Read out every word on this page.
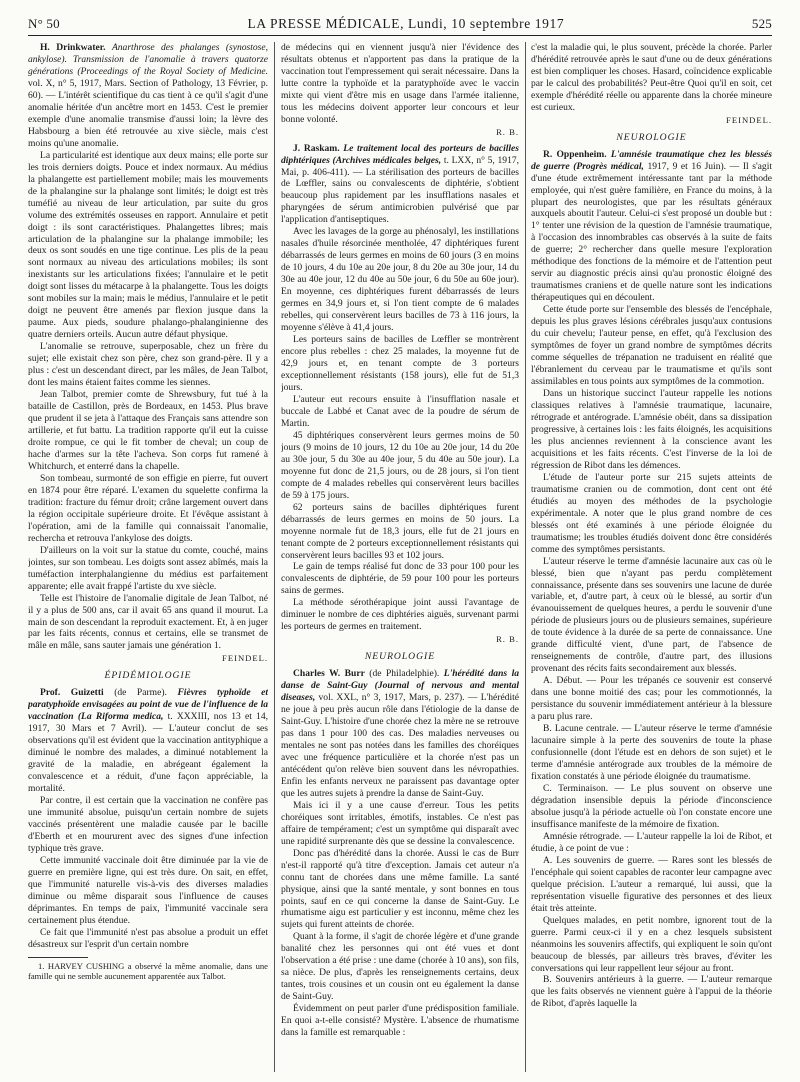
N° 50	LA PRESSE MÉDICALE, Lundi, 10 septembre 1917	525

H. Drinkwater. Anarthrose des phalanges (synostose, ankylose). Transmission de l'anomalie à travers quatorze générations (Proceedings of the Royal Society of Medicine. vol. X, n° 5, 1917, Mars. Section of Pathology, 13 Février, p. 60). — L'intérêt scientifique du cas tient à ce qu'il s'agit d'une anomalie héritée d'un ancêtre mort en 1453. C'est le premier exemple d'une anomalie transmise d'aussi loin; la lèvre des Habsbourg a bien été retrouvée au xive siècle, mais c'est moins qu'une anomalie.

La particularité est identique aux deux mains; elle porte sur les trois derniers doigts. Pouce et index normaux. Au médius la phalangette est partiellement mobile; mais les mouvements de la phalangine sur la phalange sont limités; le doigt est très tuméfié au niveau de leur articulation, par suite du gros volume des extrémités osseuses en rapport. Annulaire et petit doigt : ils sont caractéristiques. Phalangettes libres; mais articulation de la phalangine sur la phalange immobile; les deux os sont soudés en une tige continue. Les plis de la peau sont normaux au niveau des articulations mobiles; ils sont inexistants sur les articulations fixées; l'annulaire et le petit doigt sont lisses du métacarpe à la phalangette. Tous les doigts sont mobiles sur la main; mais le médius, l'annulaire et le petit doigt ne peuvent être amenés par flexion jusque dans la paume. Aux pieds, soudure phalango-phalanginienne des quatre derniers orteils. Aucun autre défaut physique.

L'anomalie se retrouve, superposable, chez un frère du sujet; elle existait chez son père, chez son grand-père. Il y a plus : c'est un descendant direct, par les mâles, de Jean Talbot, dont les mains étaient faites comme les siennes.

Jean Talbot, premier comte de Shrewsbury, fut tué à la bataille de Castillon, près de Bordeaux, en 1453. Plus brave que prudent il se jeta à l'attaque des Français sans attendre son artillerie, et fut battu. La tradition rapporte qu'il eut la cuisse droite rompue, ce qui le fit tomber de cheval; un coup de hache d'armes sur la tête l'acheva. Son corps fut ramené à Whitchurch, et enterré dans la chapelle.

Son tombeau, surmonté de son effigie en pierre, fut ouvert en 1874 pour être réparé. L'examen du squelette confirma la tradition: fracture du fémur droit; crâne largement ouvert dans la région occipitale supérieure droite. Et l'évêque assistant à l'opération, ami de la famille qui connaissait l'anomalie, rechercha et retrouva l'ankylose des doigts.

D'ailleurs on la voit sur la statue du comte, couché, mains jointes, sur son tombeau. Les doigts sont assez abîmés, mais la tuméfaction interphalangienne du médius est parfaitement apparente; elle avait frappé l'artiste du xve siècle.

Telle est l'histoire de l'anomalie digitale de Jean Talbot, né il y a plus de 500 ans, car il avait 65 ans quand il mourut. La main de son descendant la reproduit exactement. Et, à en juger par les faits récents, connus et certains, elle se transmet de mâle en mâle, sans sauter jamais une génération 1.

FEINDEL.

ÉPIDÉMIOLOGIE

Prof. Guizetti (de Parme). Fièvres typhoïde et paratyphoïde envisagées au point de vue de l'influence de la vaccination (La Riforma medica, t. XXXIII, nos 13 et 14, 1917, 30 Mars et 7 Avril). — L'auteur conclut de ses observations qu'il est évident que la vaccination antityphique a diminué le nombre des malades, a diminué notablement la gravité de la maladie, en abrégeant également la convalescence et a réduit, d'une façon appréciable, la mortalité.

Par contre, il est certain que la vaccination ne confère pas une immunité absolue, puisqu'un certain nombre de sujets vaccinés présentèrent une maladie causée par le bacille d'Eberth et en moururent avec des signes d'une infection typhique très grave.

Cette immunité vaccinale doit être diminuée par la vie de guerre en première ligne, qui est très dure. On sait, en effet, que l'immunité naturelle vis-à-vis des diverses maladies diminue ou même disparait sous l'influence de causes déprimantes. En temps de paix, l'immunité vaccinale sera certainement plus étendue.

Ce fait que l'immunité n'est pas absolue a produit un effet désastreux sur l'esprit d'un certain nombre

1. HARVEY CUSHING a observé la même anomalie, dans une famille qui ne semble aucunement apparentée aux Talbot.

de médecins qui en viennent jusqu'à nier l'évidence des résultats obtenus et n'apportent pas dans la pratique de la vaccination tout l'empressement qui serait nécessaire. Dans la lutte contre la typhoïde et la paratyphoïde avec le vaccin mixte qui vient d'être mis en usage dans l'armée italienne, tous les médecins doivent apporter leur concours et leur bonne volonté.

R. B.

J. Raskam. Le traitement local des porteurs de bacilles diphtériques (Archives médicales belges, t. LXX, n° 5, 1917, Mai, p. 406-411). — La stérilisation des porteurs de bacilles de Lœffler, sains ou convalescents de diphtérie, s'obtient beaucoup plus rapidement par les insufflations nasales et pharyngées de sérum antimicrobien pulvérisé que par l'application d'antiseptiques.

Avec les lavages de la gorge au phénosalyl, les instillations nasales d'huile résorcinée mentholée, 47 diphtériques furent débarrassés de leurs germes en moins de 60 jours (3 en moins de 10 jours, 4 du 10e au 20e jour, 8 du 20e au 30e jour, 14 du 30e au 40e jour, 12 du 40e au 50e jour, 6 du 50e au 60e jour). En moyenne, ces diphtériques furent débarrassés de leurs germes en 34,9 jours et, si l'on tient compte de 6 malades rebelles, qui conservèrent leurs bacilles de 73 à 116 jours, la moyenne s'élève à 41,4 jours.

Les porteurs sains de bacilles de Lœffler se montrèrent encore plus rebelles : chez 25 malades, la moyenne fut de 42,9 jours et, en tenant compte de 3 porteurs exceptionnellement résistants (158 jours), elle fut de 51,3 jours.

L'auteur eut recours ensuite à l'insufflation nasale et buccale de Labbé et Canat avec de la poudre de sérum de Martin.

45 diphtériques conservèrent leurs germes moins de 50 jours (9 moins de 10 jours, 12 du 10e au 20e jour, 14 du 20e au 30e jour, 5 du 30e au 40e jour, 5 du 40e au 50e jour). La moyenne fut donc de 21,5 jours, ou de 28 jours, si l'on tient compte de 4 malades rebelles qui conservèrent leurs bacilles de 59 à 175 jours.

62 porteurs sains de bacilles diphtériques furent débarrassés de leurs germes en moins de 50 jours. La moyenne normale fut de 18,3 jours, elle fut de 21 jours en tenant compte de 2 porteurs exceptionnellement résistants qui conservèrent leurs bacilles 93 et 102 jours.

Le gain de temps réalisé fut donc de 33 pour 100 pour les convalescents de diphtérie, de 59 pour 100 pour les porteurs sains de germes.

La méthode sérothérapique joint aussi l'avantage de diminuer le nombre de ces diphtéries aiguës, survenant parmi les porteurs de germes en traitement.

R. B.

NEUROLOGIE

Charles W. Burr (de Philadelphie). L'hérédité dans la danse de Saint-Guy (Journal of nervous and mental diseases, vol. XXL, n° 3, 1917, Mars, p. 237). — L'hérédité ne joue à peu près aucun rôle dans l'étiologie de la danse de Saint-Guy. L'histoire d'une chorée chez la mère ne se retrouve pas dans 1 pour 100 des cas. Des maladies nerveuses ou mentales ne sont pas notées dans les familles des choréiques avec une fréquence particulière et la chorée n'est pas un antécédent qu'on relève bien souvent dans les névropathies. Enfin les enfants nerveux ne paraissent pas davantage opter que les autres sujets à prendre la danse de Saint-Guy.

Mais ici il y a une cause d'erreur. Tous les petits choréiques sont irritables, émotifs, instables. Ce n'est pas affaire de tempérament; c'est un symptôme qui disparaît avec une rapidité surprenante dès que se dessine la convalescence.

Donc pas d'hérédité dans la chorée. Aussi le cas de Burr n'est-il rapporté qu'à titre d'exception. Jamais cet auteur n'a connu tant de chorées dans une même famille. La santé physique, ainsi que la santé mentale, y sont bonnes en tous points, sauf en ce qui concerne la danse de Saint-Guy. Le rhumatisme aigu est particulier y est inconnu, même chez les sujets qui furent atteints de chorée.

Quant à la forme, il s'agit de chorée légère et d'une grande banalité chez les personnes qui ont été vues et dont l'observation a été prise : une dame (chorée à 10 ans), son fils, sa nièce. De plus, d'après les renseignements certains, deux tantes, trois cousines et un cousin ont eu également la danse de Saint-Guy.

Évidemment on peut parler d'une prédisposition familiale. En quoi a-t-elle consisté? Mystère. L'absence de rhumatisme dans la famille est remarquable :

c'est la maladie qui, le plus souvent, précède la chorée. Parler d'hérédité retrouvée après le saut d'une ou de deux générations est bien compliquer les choses. Hasard, coïncidence explicable par le calcul des probabilités? Peut-être Quoi qu'il en soit, cet exemple d'hérédité réelle ou apparente dans la chorée mineure est curieux.

FEINDEL.

NEUROLOGIE

R. Oppenheim. L'amnésie traumatique chez les blessés de guerre (Progrès médical, 1917, 9 et 16 Juin). — Il s'agit d'une étude extrêmement intéressante tant par la méthode employée, qui n'est guère familière, en France du moins, à la plupart des neurologistes, que par les résultats généraux auxquels aboutit l'auteur. Celui-ci s'est proposé un double but : 1° tenter une révision de la question de l'amnésie traumatique, à l'occasion des innombrables cas observés à la suite de faits de guerre; 2° rechercher dans quelle mesure l'exploration méthodique des fonctions de la mémoire et de l'attention peut servir au diagnostic précis ainsi qu'au pronostic éloigné des traumatismes craniens et de quelle nature sont les indications thérapeutiques qui en découlent.

Cette étude porte sur l'ensemble des blessés de l'encéphale, depuis les plus graves lésions cérébrales jusqu'aux contusions du cuir chevelu; l'auteur pense, en effet, qu'à l'exclusion des symptômes de foyer un grand nombre de symptômes décrits comme séquelles de trépanation ne traduisent en réalité que l'ébranlement du cerveau par le traumatisme et qu'ils sont assimilables en tous points aux symptômes de la commotion.

Dans un historique succinct l'auteur rappelle les notions classiques relatives à l'amnésie traumatique, lacunaire, rétrograde et antérograde. L'amnésie obéit, dans sa dissipation progressive, à certaines lois : les faits éloignés, les acquisitions les plus anciennes reviennent à la conscience avant les acquisitions et les faits récents. C'est l'inverse de la loi de régression de Ribot dans les démences.

L'étude de l'auteur porte sur 215 sujets atteints de traumatisme cranien ou de commotion, dont cent ont été étudiés au moyen des méthodes de la psychologie expérimentale. A noter que le plus grand nombre de ces blessés ont été examinés à une période éloignée du traumatisme; les troubles étudiés doivent donc être considérés comme des symptômes persistants.

L'auteur réserve le terme d'amnésie lacunaire aux cas où le blessé, bien que n'ayant pas perdu complètement connaissance, présente dans ses souvenirs une lacune de durée variable, et, d'autre part, à ceux où le blessé, au sortir d'un évanouissement de quelques heures, a perdu le souvenir d'une période de plusieurs jours ou de plusieurs semaines, supérieure de toute évidence à la durée de sa perte de connaissance. Une grande difficulté vient, d'une part, de l'absence de renseignements de contrôle, d'autre part, des illusions provenant des récits faits secondairement aux blessés.

A. Début. — Pour les trépanés ce souvenir est conservé dans une bonne moitié des cas; pour les commotionnés, la persistance du souvenir immédiatement antérieur à la blessure a paru plus rare.

B. Lacune centrale. — L'auteur réserve le terme d'amnésie lacunaire simple à la perte des souvenirs de toute la phase confusionnelle (dont l'étude est en dehors de son sujet) et le terme d'amnésie antérograde aux troubles de la mémoire de fixation constatés à une période éloignée du traumatisme.

C. Terminaison. — Le plus souvent on observe une dégradation insensible depuis la période d'inconscience absolue jusqu'à la période actuelle où l'on constate encore une insuffisance manifeste de la mémoire de fixation.

Amnésie rétrograde. — L'auteur rappelle la loi de Ribot, et étudie, à ce point de vue :

A. Les souvenirs de guerre. — Rares sont les blessés de l'encéphale qui soient capables de raconter leur campagne avec quelque précision. L'auteur a remarqué, lui aussi, que la représentation visuelle figurative des personnes et des lieux était très atteinte.

Quelques malades, en petit nombre, ignorent tout de la guerre. Parmi ceux-ci il y en a chez lesquels subsistent néanmoins les souvenirs affectifs, qui expliquent le soin qu'ont beaucoup de blessés, par ailleurs très braves, d'éviter les conversations qui leur rappellent leur séjour au front.

B. Souvenirs antérieurs à la guerre. — L'auteur remarque que les faits observés ne viennent guère à l'appui de la théorie de Ribot, d'après laquelle la
